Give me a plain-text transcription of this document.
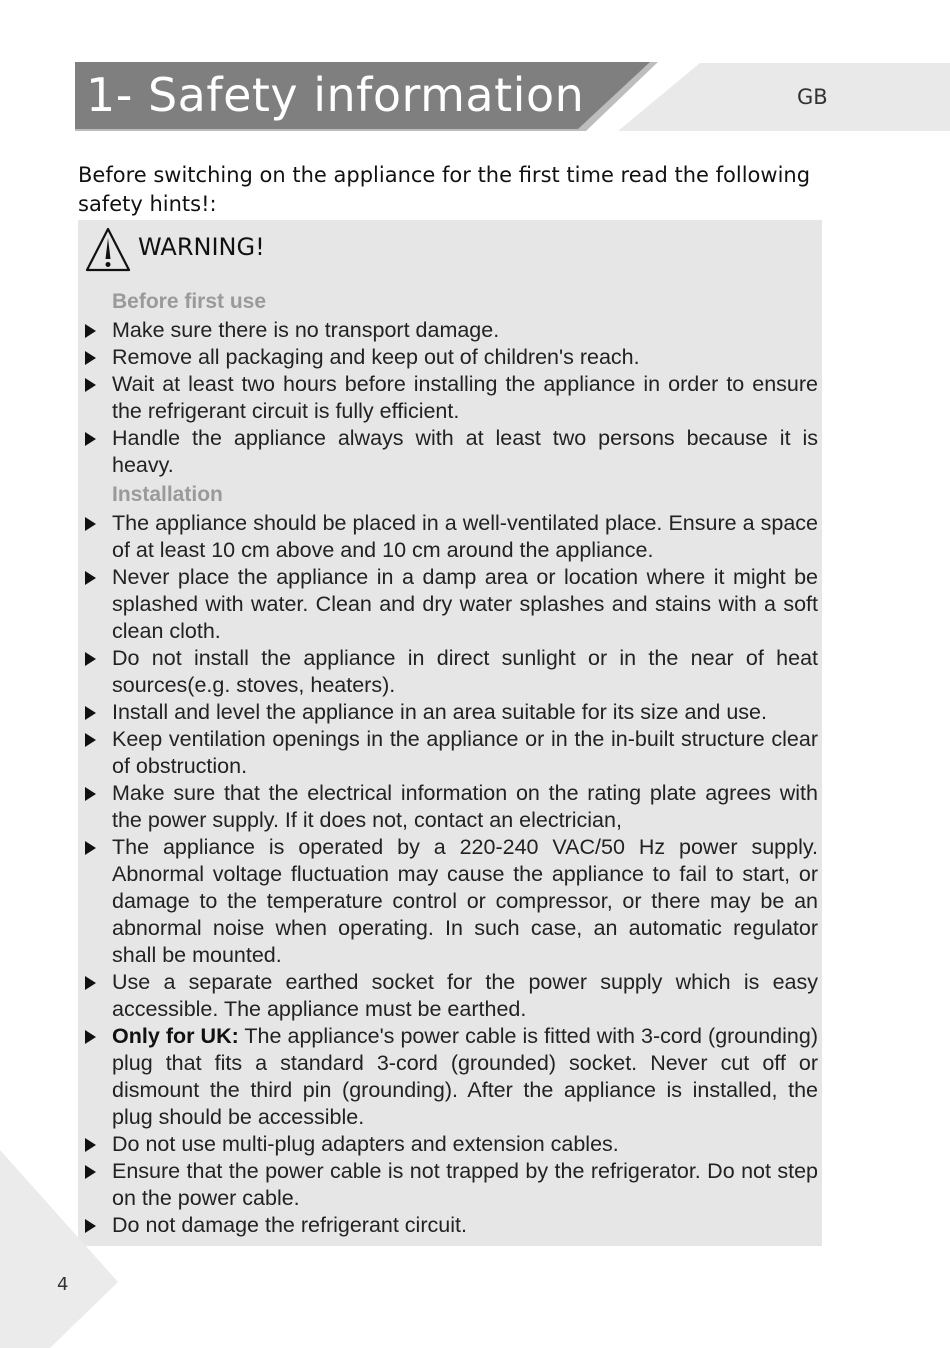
1- Safety information	GB

Before switching on the appliance for the first time read the following safety hints!:

WARNING!

Before first use

Make sure there is no transport damage.
Remove all packaging and keep out of children's reach.
Wait at least two hours before installing the appliance in order to ensure the refrigerant circuit is fully efficient.
Handle the appliance always with at least two persons because it is heavy.

Installation

The appliance should be placed in a well-ventilated place. Ensure a space of at least 10 cm above and 10 cm around the appliance.
Never place the appliance in a damp area or location where it might be splashed with water. Clean and dry water splashes and stains with a soft clean cloth.
Do not install the appliance in direct sunlight or in the near of heat sources(e.g. stoves, heaters).
Install and level the appliance in an area suitable for its size and use.
Keep ventilation openings in the appliance or in the in-built structure clear of obstruction.
Make sure that the electrical information on the rating plate agrees with the power supply. If it does not, contact an electrician,
The appliance is operated by a 220-240 VAC/50 Hz power supply. Abnormal voltage fluctuation may cause the appliance to fail to start, or damage to the temperature control or compressor, or there may be an abnormal noise when operating. In such case, an automatic regulator shall be mounted.
Use a separate earthed socket for the power supply which is easy accessible. The appliance must be earthed.
Only for UK: The appliance's power cable is fitted with 3-cord (grounding) plug that fits a standard 3-cord (grounded) socket. Never cut off or dismount the third pin (grounding). After the appliance is installed, the plug should be accessible.
Do not use multi-plug adapters and extension cables.
Ensure that the power cable is not trapped by the refrigerator. Do not step on the power cable.
Do not damage the refrigerant circuit.
4
